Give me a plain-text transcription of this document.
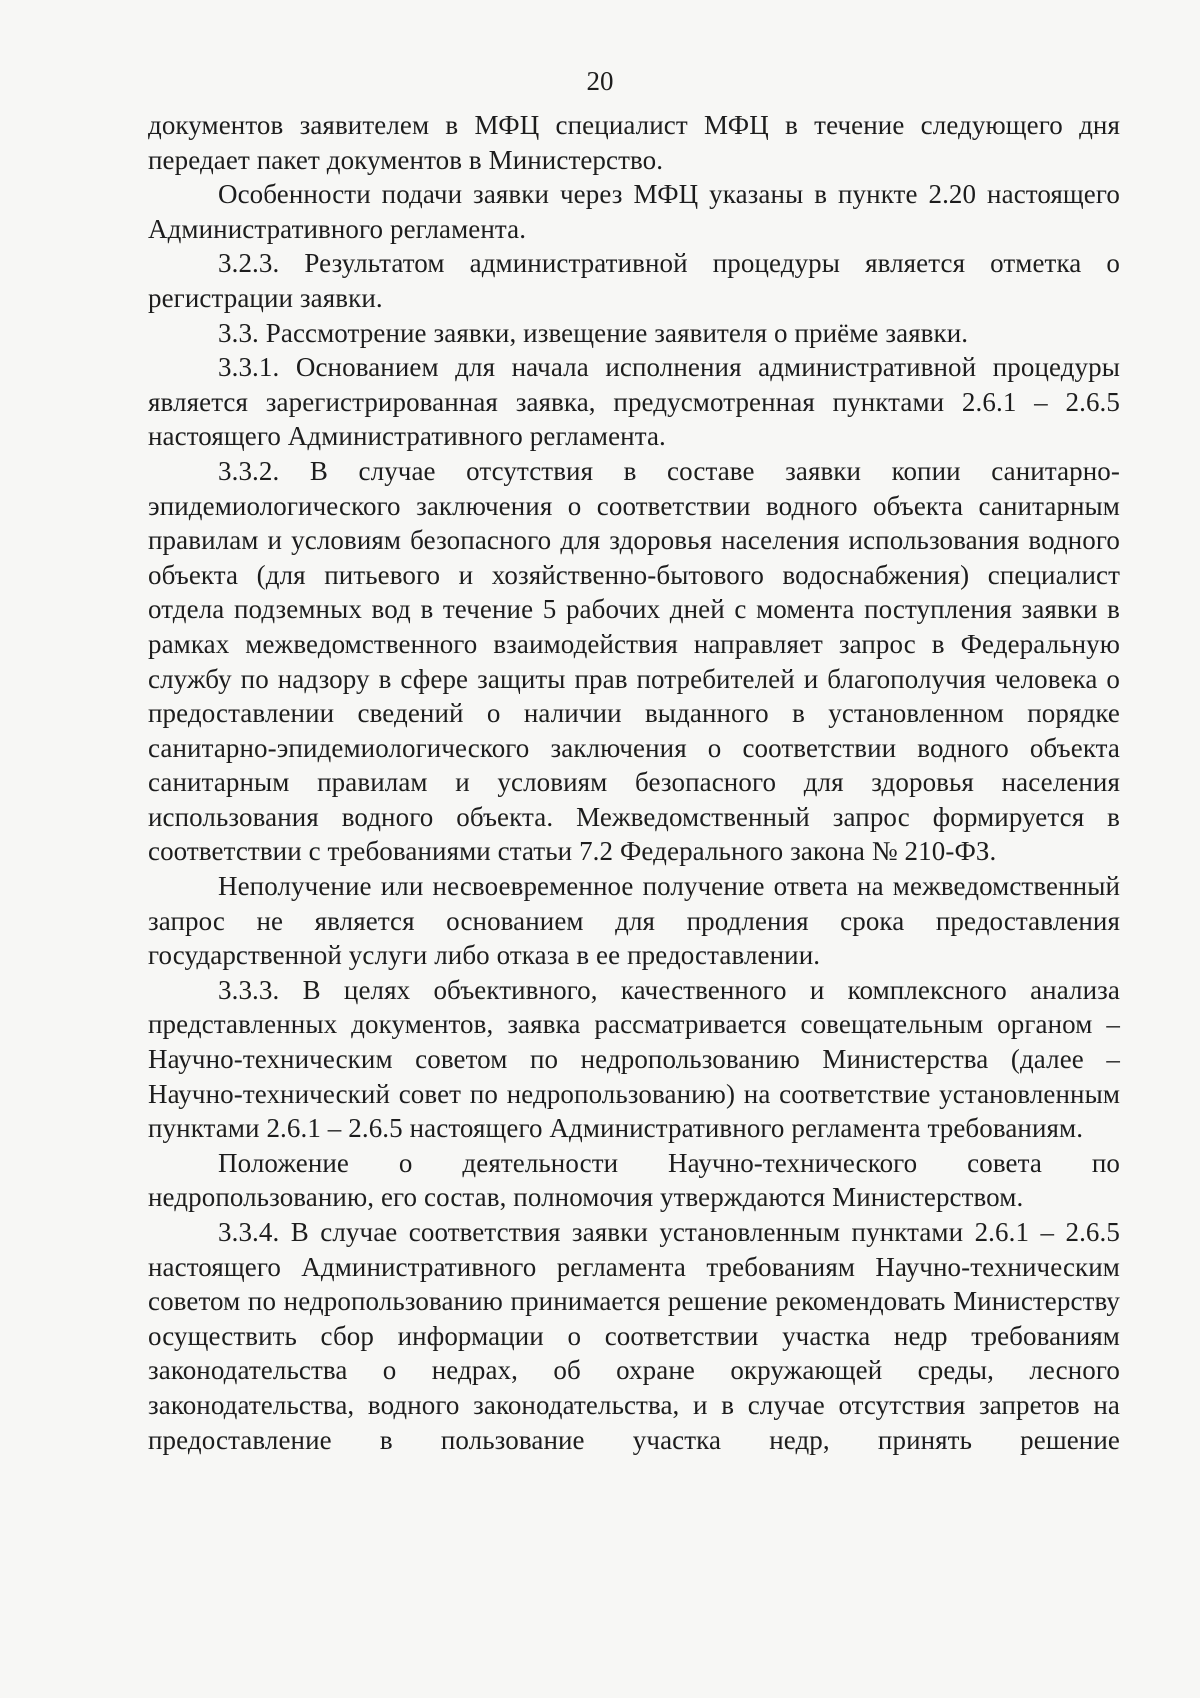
20

документов заявителем в МФЦ специалист МФЦ в течение следующего дня передает пакет документов в Министерство.

Особенности подачи заявки через МФЦ указаны в пункте 2.20 настоящего Административного регламента.

3.2.3. Результатом административной процедуры является отметка о регистрации заявки.

3.3. Рассмотрение заявки, извещение заявителя о приёме заявки.

3.3.1. Основанием для начала исполнения административной процедуры является зарегистрированная заявка, предусмотренная пунктами 2.6.1 – 2.6.5 настоящего Административного регламента.

3.3.2. В случае отсутствия в составе заявки копии санитарно-эпидемиологического заключения о соответствии водного объекта санитарным правилам и условиям безопасного для здоровья населения использования водного объекта (для питьевого и хозяйственно-бытового водоснабжения) специалист отдела подземных вод в течение 5 рабочих дней с момента поступления заявки в рамках межведомственного взаимодействия направляет запрос в Федеральную службу по надзору в сфере защиты прав потребителей и благополучия человека о предоставлении сведений о наличии выданного в установленном порядке санитарно-эпидемиологического заключения о соответствии водного объекта санитарным правилам и условиям безопасного для здоровья населения использования водного объекта. Межведомственный запрос формируется в соответствии с требованиями статьи 7.2 Федерального закона № 210-ФЗ.

Неполучение или несвоевременное получение ответа на межведомственный запрос не является основанием для продления срока предоставления государственной услуги либо отказа в ее предоставлении.

3.3.3. В целях объективного, качественного и комплексного анализа представленных документов, заявка рассматривается совещательным органом – Научно-техническим советом по недропользованию Министерства (далее – Научно-технический совет по недропользованию) на соответствие установленным пунктами 2.6.1 – 2.6.5 настоящего Административного регламента требованиям.

Положение о деятельности Научно-технического совета по недропользованию, его состав, полномочия утверждаются Министерством.

3.3.4. В случае соответствия заявки установленным пунктами 2.6.1 – 2.6.5 настоящего Административного регламента требованиям Научно-техническим советом по недропользованию принимается решение рекомендовать Министерству осуществить сбор информации о соответствии участка недр требованиям законодательства о недрах, об охране окружающей среды, лесного законодательства, водного законодательства, и в случае отсутствия запретов на предоставление в пользование участка недр, принять решение
